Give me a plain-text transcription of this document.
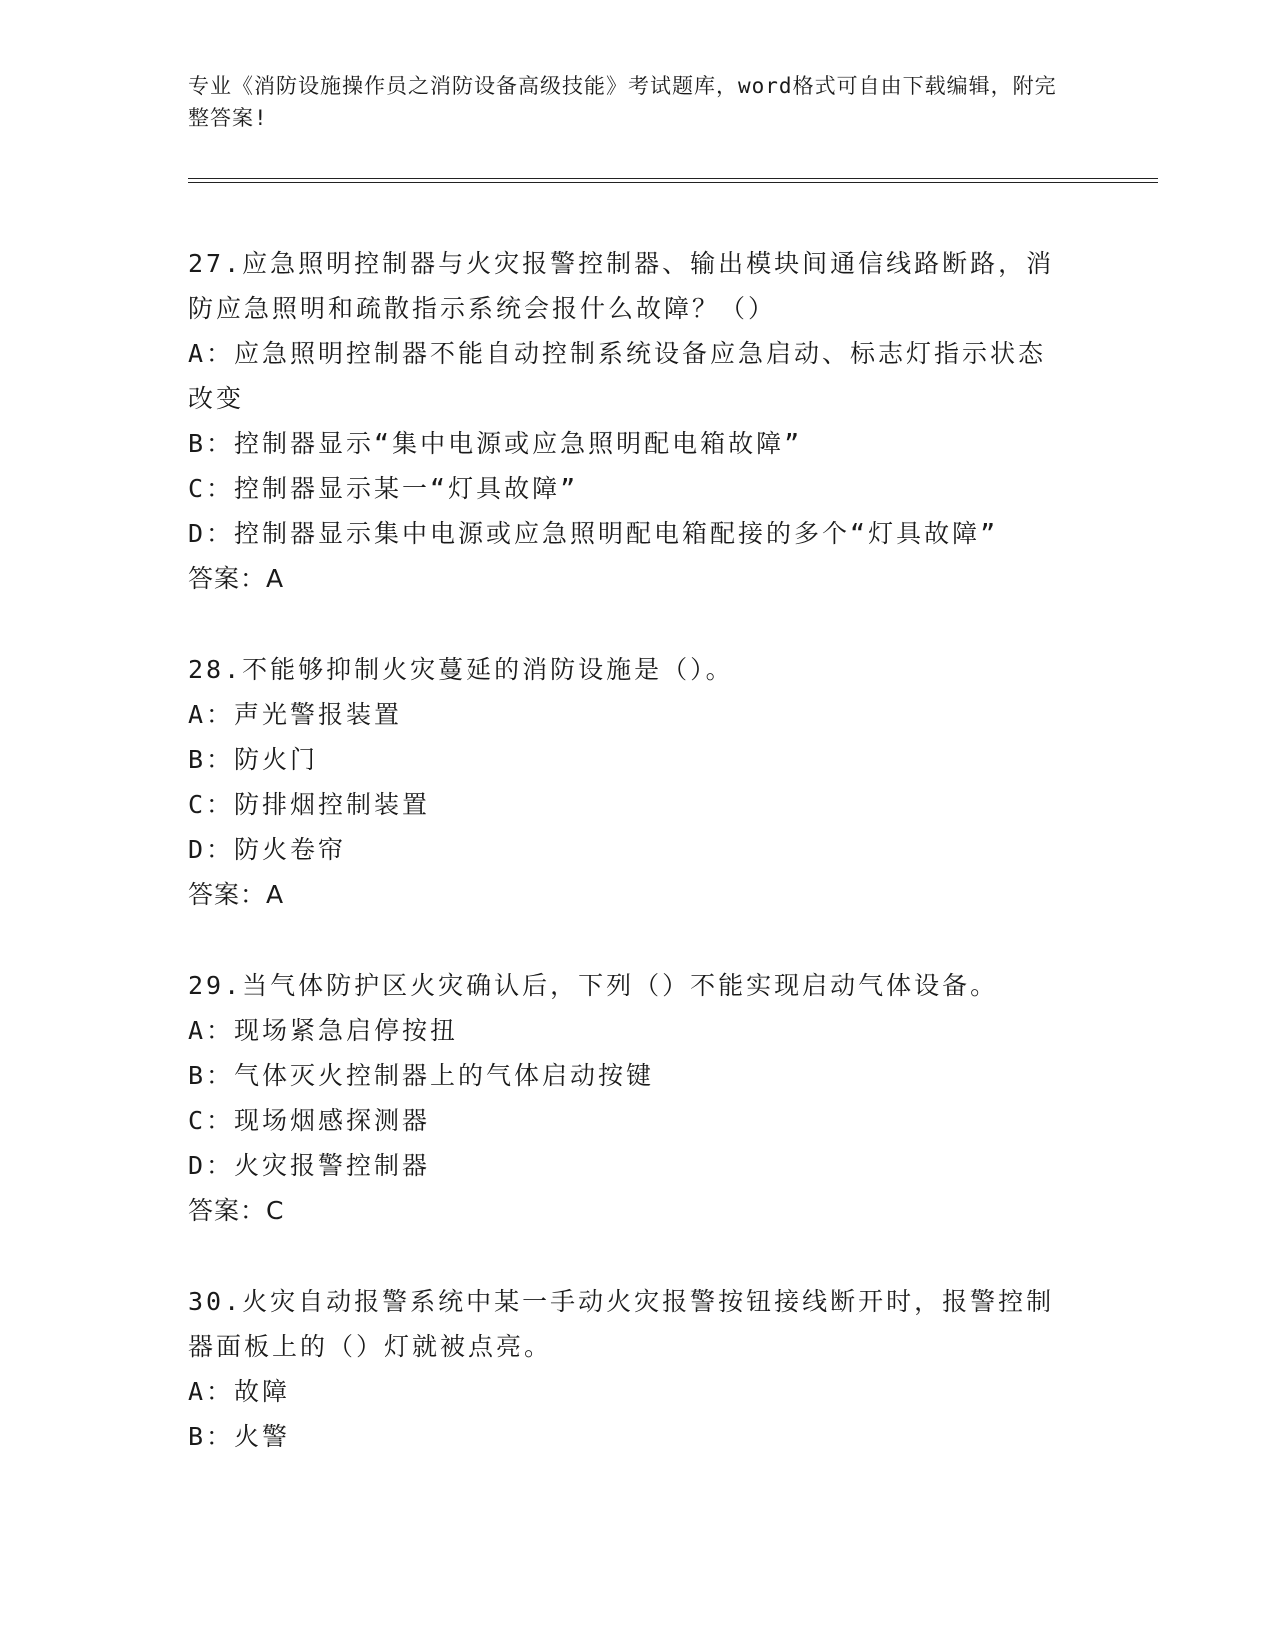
专业《消防设施操作员之消防设备高级技能》考试题库，word格式可自由下载编辑，附完整答案!
27.应急照明控制器与火灾报警控制器、输出模块间通信线路断路，消防应急照明和疏散指示系统会报什么故障？（）
A：应急照明控制器不能自动控制系统设备应急启动、标志灯指示状态改变
B：控制器显示“集中电源或应急照明配电箱故障”
C：控制器显示某一“灯具故障”
D：控制器显示集中电源或应急照明配电箱配接的多个“灯具故障”
答案：A
28.不能够抑制火灾蔓延的消防设施是（）。
A：声光警报装置
B：防火门
C：防排烟控制装置
D：防火卷帘
答案：A
29.当气体防护区火灾确认后，下列（）不能实现启动气体设备。
A：现场紧急启停按扭
B：气体灭火控制器上的气体启动按键
C：现场烟感探测器
D：火灾报警控制器
答案：C
30.火灾自动报警系统中某一手动火灾报警按钮接线断开时，报警控制器面板上的（）灯就被点亮。
A：故障
B：火警
